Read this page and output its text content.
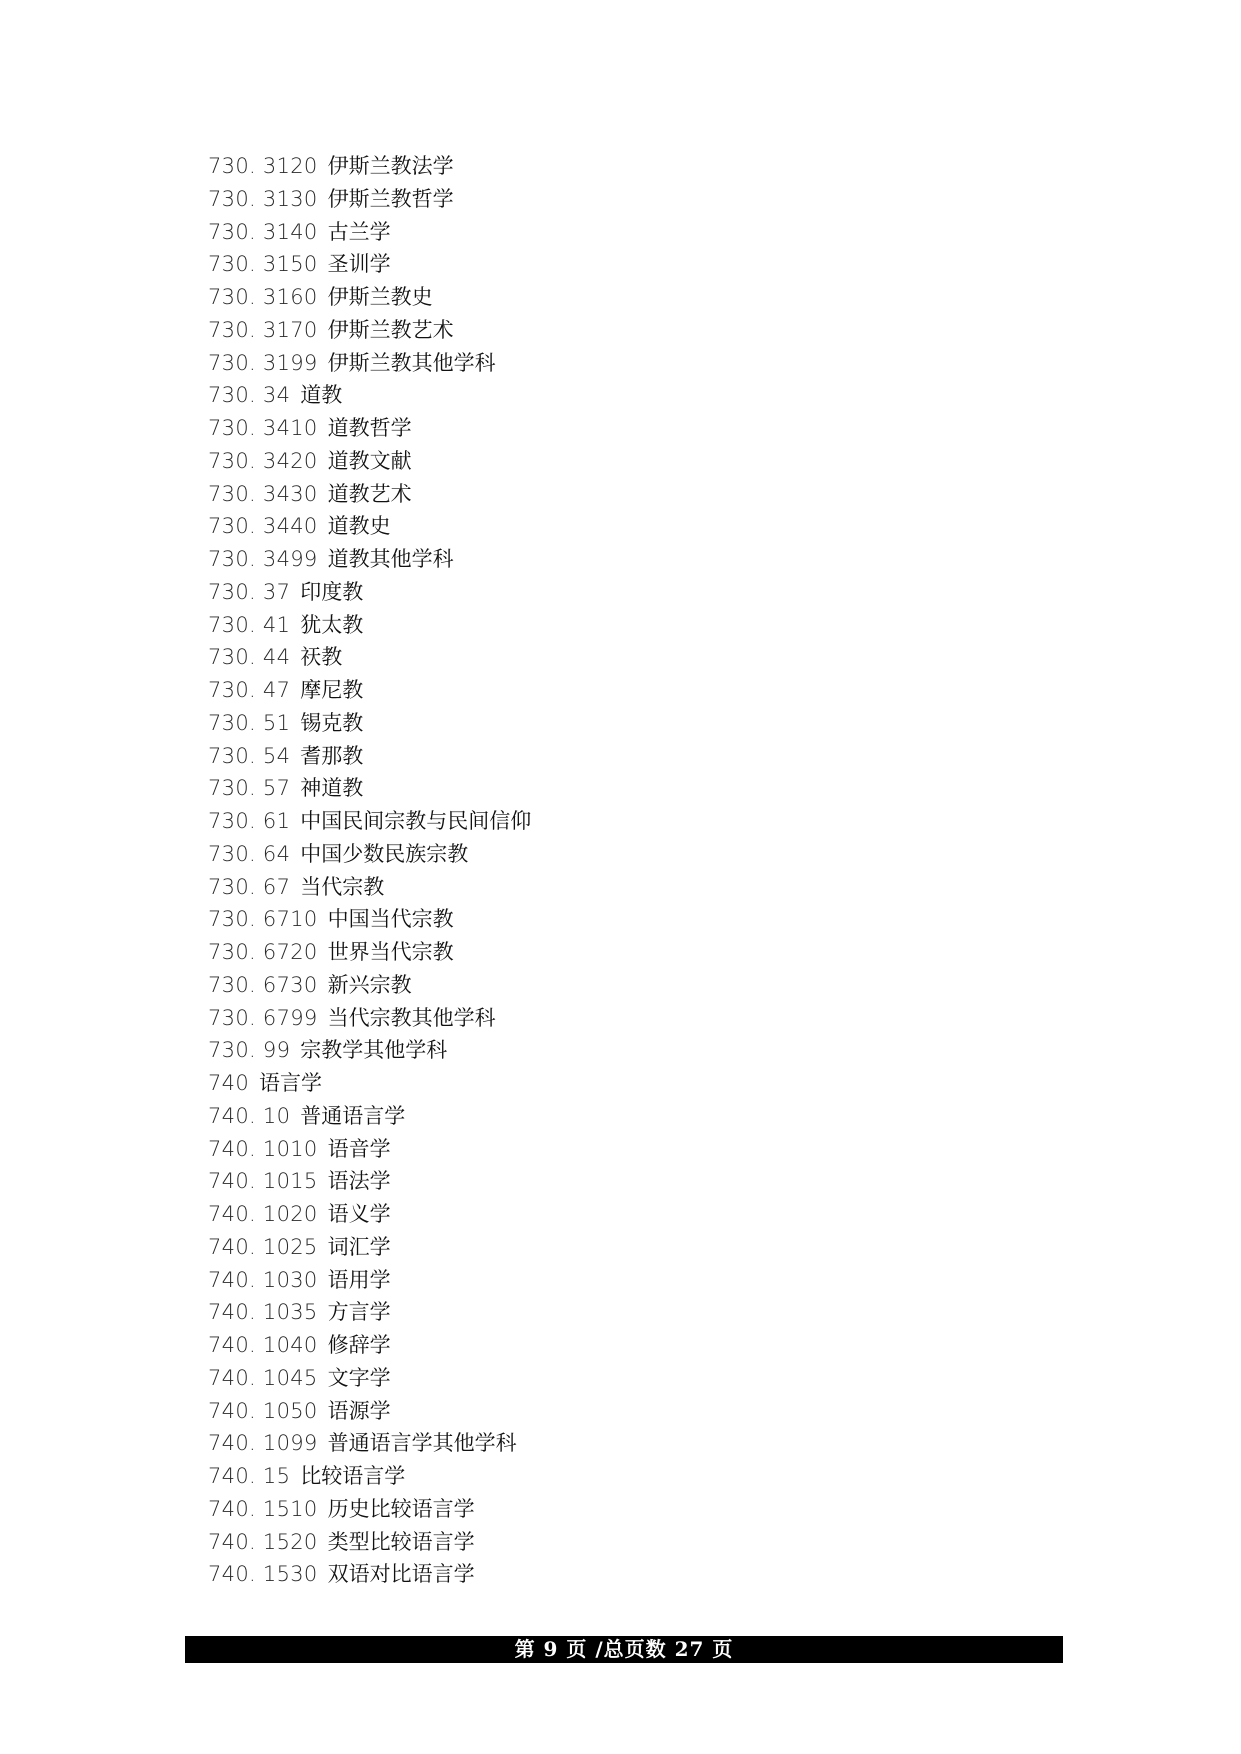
730. 3120 伊斯兰教法学
730. 3130 伊斯兰教哲学
730. 3140 古兰学
730. 3150 圣训学
730. 3160 伊斯兰教史
730. 3170 伊斯兰教艺术
730. 3199 伊斯兰教其他学科
730. 34 道教
730. 3410 道教哲学
730. 3420 道教文献
730. 3430 道教艺术
730. 3440 道教史
730. 3499 道教其他学科
730. 37 印度教
730. 41 犹太教
730. 44 祆教
730. 47 摩尼教
730. 51 锡克教
730. 54 耆那教
730. 57 神道教
730. 61 中国民间宗教与民间信仰
730. 64 中国少数民族宗教
730. 67 当代宗教
730. 6710 中国当代宗教
730. 6720 世界当代宗教
730. 6730 新兴宗教
730. 6799 当代宗教其他学科
730. 99 宗教学其他学科
740 语言学
740. 10 普通语言学
740. 1010 语音学
740. 1015 语法学
740. 1020 语义学
740. 1025 词汇学
740. 1030 语用学
740. 1035 方言学
740. 1040 修辞学
740. 1045 文字学
740. 1050 语源学
740. 1099 普通语言学其他学科
740. 15 比较语言学
740. 1510 历史比较语言学
740. 1520 类型比较语言学
740. 1530 双语对比语言学
第 9 页 /总页数 27 页
